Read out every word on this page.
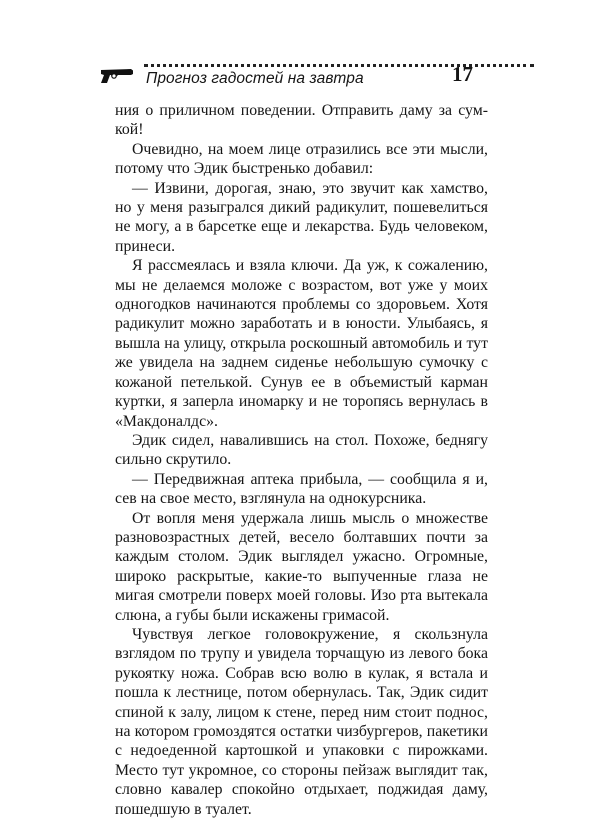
Прогноз гадостей на завтра	17

ния о приличном поведении. Отправить даму за сумкой!

Очевидно, на моем лице отразились все эти мысли, потому что Эдик быстренько добавил:

— Извини, дорогая, знаю, это звучит как хамство, но у меня разыгрался дикий радикулит, пошевелиться не могу, а в барсетке еще и лекарства. Будь человеком, принеси.

Я рассмеялась и взяла ключи. Да уж, к сожалению, мы не делаемся моложе с возрастом, вот уже у моих одногодков начинаются проблемы со здоровьем. Хотя радикулит можно заработать и в юности. Улыбаясь, я вышла на улицу, открыла роскошный автомобиль и тут же увидела на заднем сиденье небольшую сумочку с кожаной петелькой. Сунув ее в объемистый карман куртки, я заперла иномарку и не торопясь вернулась в «Макдоналдс».

Эдик сидел, навалившись на стол. Похоже, беднягу сильно скрутило.

— Передвижная аптека прибыла, — сообщила я и, сев на свое место, взглянула на однокурсника.

От вопля меня удержала лишь мысль о множестве разновозрастных детей, весело болтавших почти за каждым столом. Эдик выглядел ужасно. Огромные, широко раскрытые, какие-то выпученные глаза не мигая смотрели поверх моей головы. Изо рта вытекала слюна, а губы были искажены гримасой.

Чувствуя легкое головокружение, я скользнула взглядом по трупу и увидела торчащую из левого бока рукоятку ножа. Собрав всю волю в кулак, я встала и пошла к лестнице, потом обернулась. Так, Эдик сидит спиной к залу, лицом к стене, перед ним стоит поднос, на котором громоздятся остатки чизбургеров, пакетики с недоеденной картошкой и упаковки с пирожками. Место тут укромное, со стороны пейзаж выглядит так, словно кавалер спокойно отдыхает, поджидая даму, пошедшую в туалет.
